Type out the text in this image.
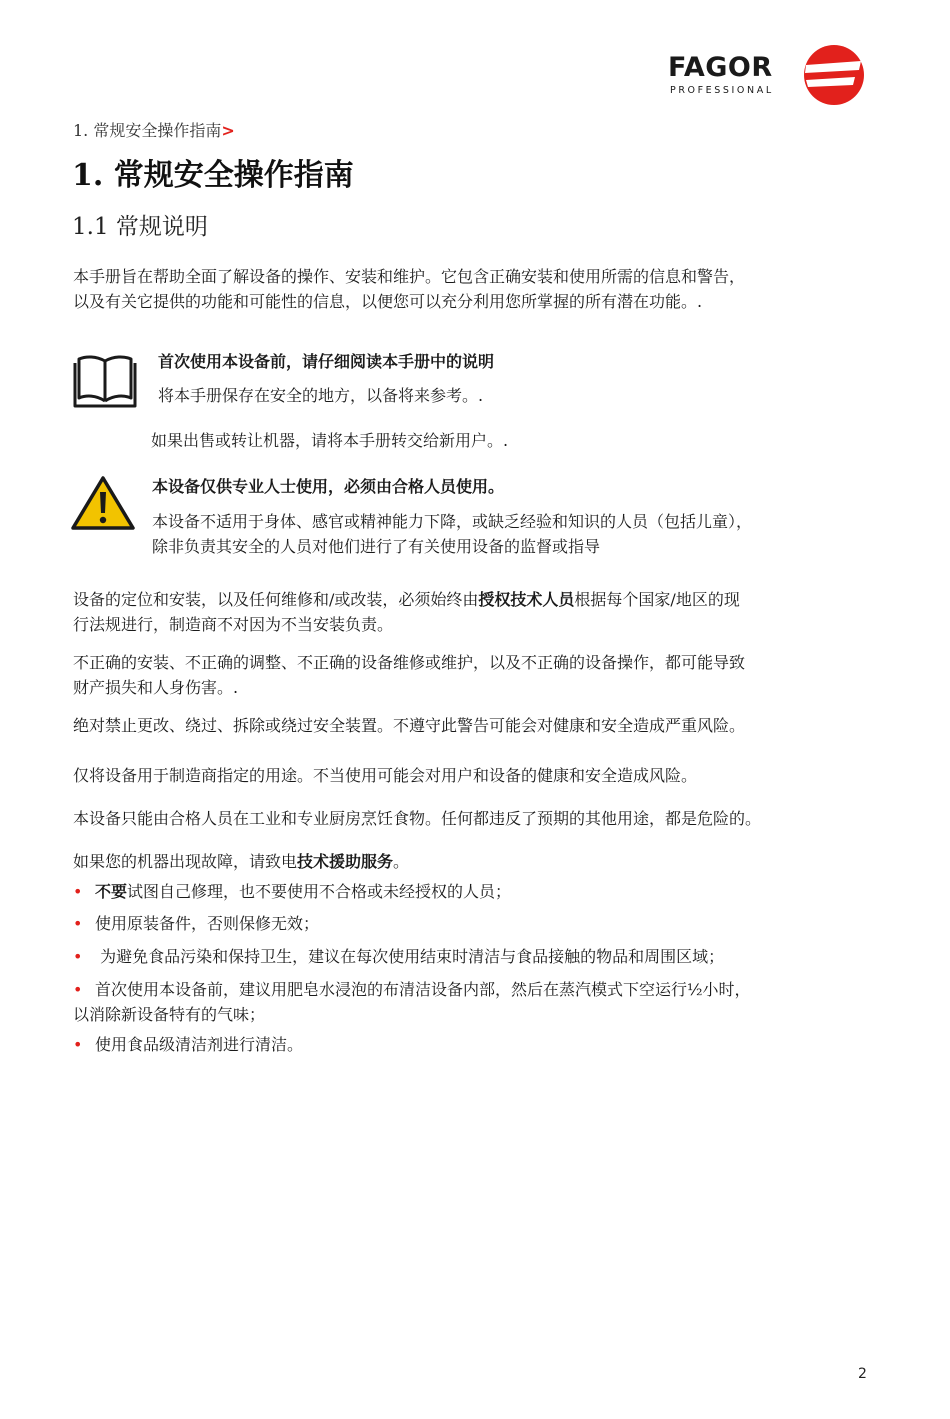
FAGOR
PROFESSIONAL
1. 常规安全操作指南>
1. 常规安全操作指南
1.1 常规说明
本手册旨在帮助全面了解设备的操作、安装和维护。它包含正确安装和使用所需的信息和警告，
以及有关它提供的功能和可能性的信息，以便您可以充分利用您所掌握的所有潜在功能。.
首次使用本设备前，请仔细阅读本手册中的说明
将本手册保存在安全的地方，以备将来参考。.
如果出售或转让机器，请将本手册转交给新用户。.
本设备仅供专业人士使用，必须由合格人员使用。
本设备不适用于身体、感官或精神能力下降，或缺乏经验和知识的人员（包括儿童），
除非负责其安全的人员对他们进行了有关使用设备的监督或指导
设备的定位和安装，以及任何维修和/或改装，必须始终由授权技术人员根据每个国家/地区的现
行法规进行，制造商不对因为不当安装负责。
不正确的安装、不正确的调整、不正确的设备维修或维护，以及不正确的设备操作，都可能导致
财产损失和人身伤害。.
绝对禁止更改、绕过、拆除或绕过安全装置。不遵守此警告可能会对健康和安全造成严重风险。
仅将设备用于制造商指定的用途。不当使用可能会对用户和设备的健康和安全造成风险。
本设备只能由合格人员在工业和专业厨房烹饪食物。任何都违反了预期的其他用途，都是危险的。
如果您的机器出现故障，请致电技术援助服务。
• 不要试图自己修理，也不要使用不合格或未经授权的人员；
• 使用原装备件，否则保修无效；
• 为避免食品污染和保持卫生，建议在每次使用结束时清洁与食品接触的物品和周围区域；
• 首次使用本设备前，建议用肥皂水浸泡的布清洁设备内部，然后在蒸汽模式下空运行½小时，
以消除新设备特有的气味；
• 使用食品级清洁剂进行清洁。
2
